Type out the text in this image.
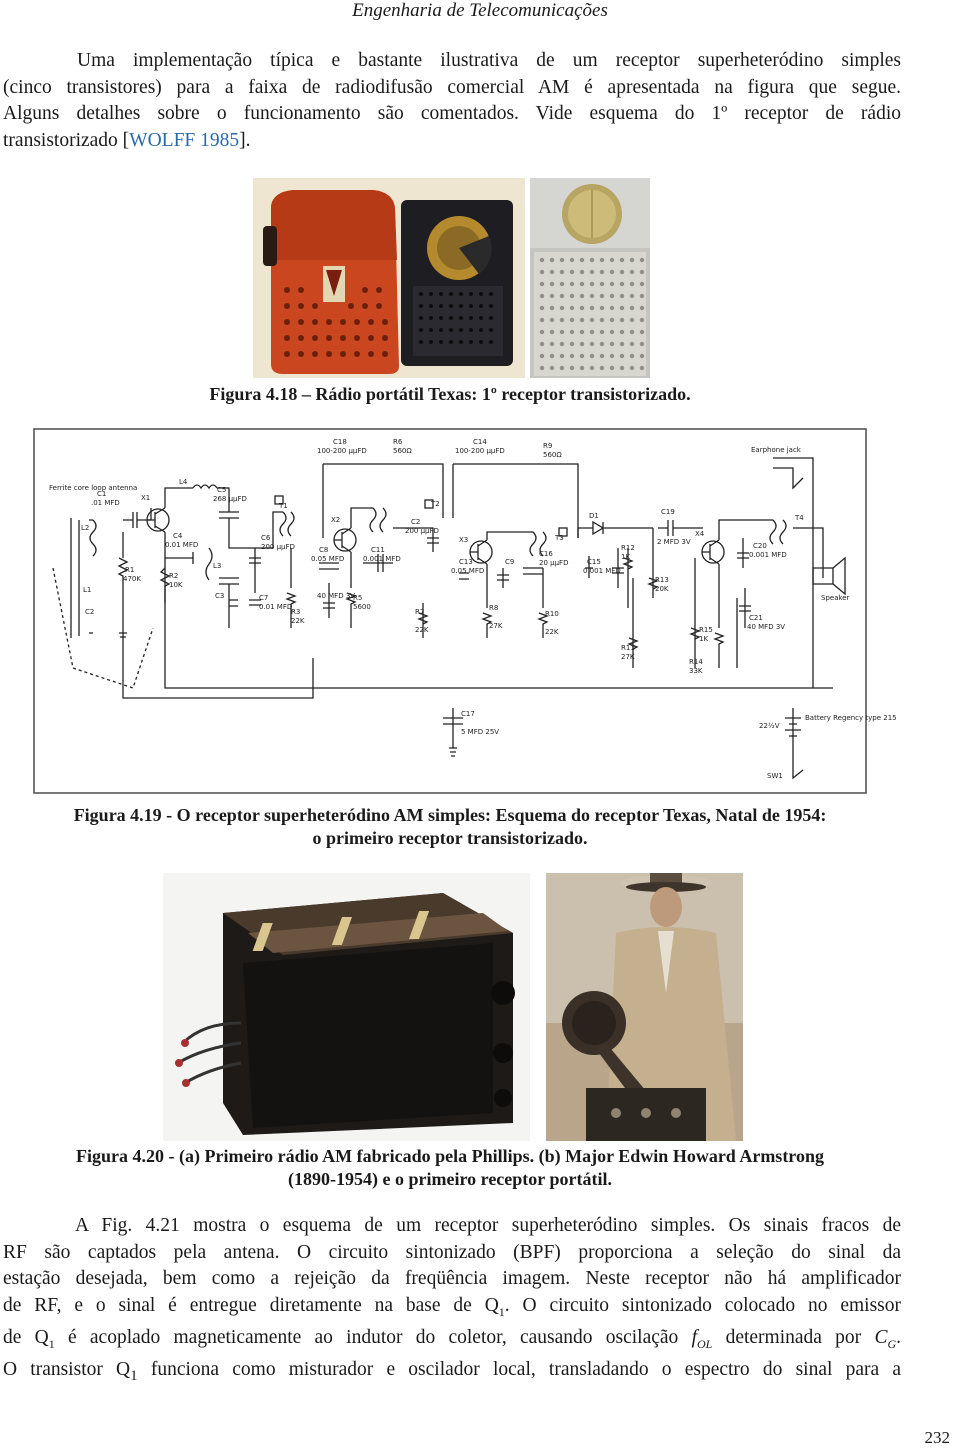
Engenharia de Telecomunicações
Uma implementação típica e bastante ilustrativa de um receptor superheteródino simples
(cinco transistores) para a faixa de radiodifusão comercial AM é apresentada na figura que segue.
Alguns detalhes sobre o funcionamento são comentados. Vide esquema do 1º receptor de rádio
transistorizado [WOLFF 1985].
Figura 4.18 – Rádio portátil Texas: 1º receptor transistorizado.
C18
100-200 µµFD
R6
560Ω
C14
100-200 µµFD
R9
560Ω
Earphone jack
Ferrite core loop antenna
C1
.01 MFD
X1
L4
C5
268 µµFD
T1
X2
T2
C2
200 µµFD
X3	T3
D1	C19
2 MFD 3V
X4
C20
0.001 MFD
T4
L2
C4
0.01 MFD
L3
C6
200 µµFD	C8
0.05 MFD
C11
0.001 MFD	C13
0.05 MFD
C9
C16
20 µµFD	C15
0.001 MFD
R12
1K
R13
20K
Speaker
R1
470K	R2
10K
C3	C7
0.01 MFD
R3
22K
40 MFD 3V
R5
5600
R7
22K
R8
27K
R10
22K	R15
1K
C21
40 MFD 3V
L1
C2
R11
27K
R14
33K
C17
5 MFD 25V
Battery Regency type 215
22½V
SW1
Figura 4.19 - O receptor superheteródino AM simples: Esquema do receptor Texas, Natal de 1954:
o primeiro receptor transistorizado.
Figura 4.20 - (a) Primeiro rádio AM fabricado pela Phillips. (b) Major Edwin Howard Armstrong
(1890-1954) e o primeiro receptor portátil.
A Fig. 4.21 mostra o esquema de um receptor superheteródino simples. Os sinais fracos de
RF são captados pela antena. O circuito sintonizado (BPF) proporciona a seleção do sinal da
estação desejada, bem como a rejeição da freqüência imagem. Neste receptor não há amplificador
de RF, e o sinal é entregue diretamente na base de $Q_1$. O circuito sintonizado colocado no emissor
de $Q_1$ é acoplado magneticamente ao indutor do coletor, causando oscilação $f_{OL}$ determinada por $C_G$.
O transistor $Q_1$ funciona como misturador e oscilador local, transladando o espectro do sinal para a
232
